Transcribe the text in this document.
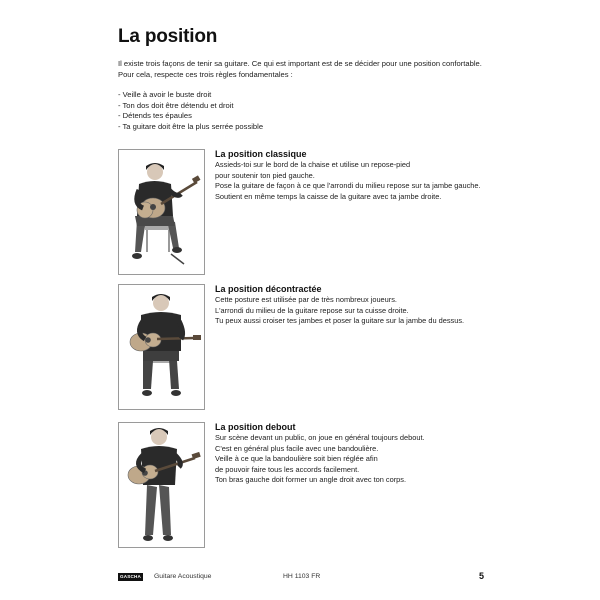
La position

Il existe trois façons de tenir sa guitare. Ce qui est important est de se décider pour une position confortable.

Pour cela, respecte ces trois règles fondamentales :

- Veille à avoir le buste droit
- Ton dos doit être détendu et droit
- Détends tes épaules
- Ta guitare doit être la plus serrée possible
La position classique

Assieds-toi sur le bord de la chaise et utilise un repose-pied

pour soutenir ton pied gauche.

Pose la guitare de façon à ce que l'arrondi du milieu repose sur ta jambe gauche.

Soutient en même temps la caisse de la guitare avec ta jambe droite.

La position décontractée

Cette posture est utilisée par de très nombreux joueurs.

L'arrondi du milieu de la guitare repose sur ta cuisse droite.

Tu peux aussi croiser tes jambes et poser la guitare sur la jambe du dessus.

La position debout

Sur scène devant un public, on joue en général toujours debout.

C'est en général plus facile avec une bandoulière.

Veille à ce que la bandoulière soit bien réglée afin

de pouvoir faire tous les accords facilement.

Ton bras gauche doit former un angle droit avec ton corps.

GASCHA Guitare Acoustique	HH 1103 FR	5
